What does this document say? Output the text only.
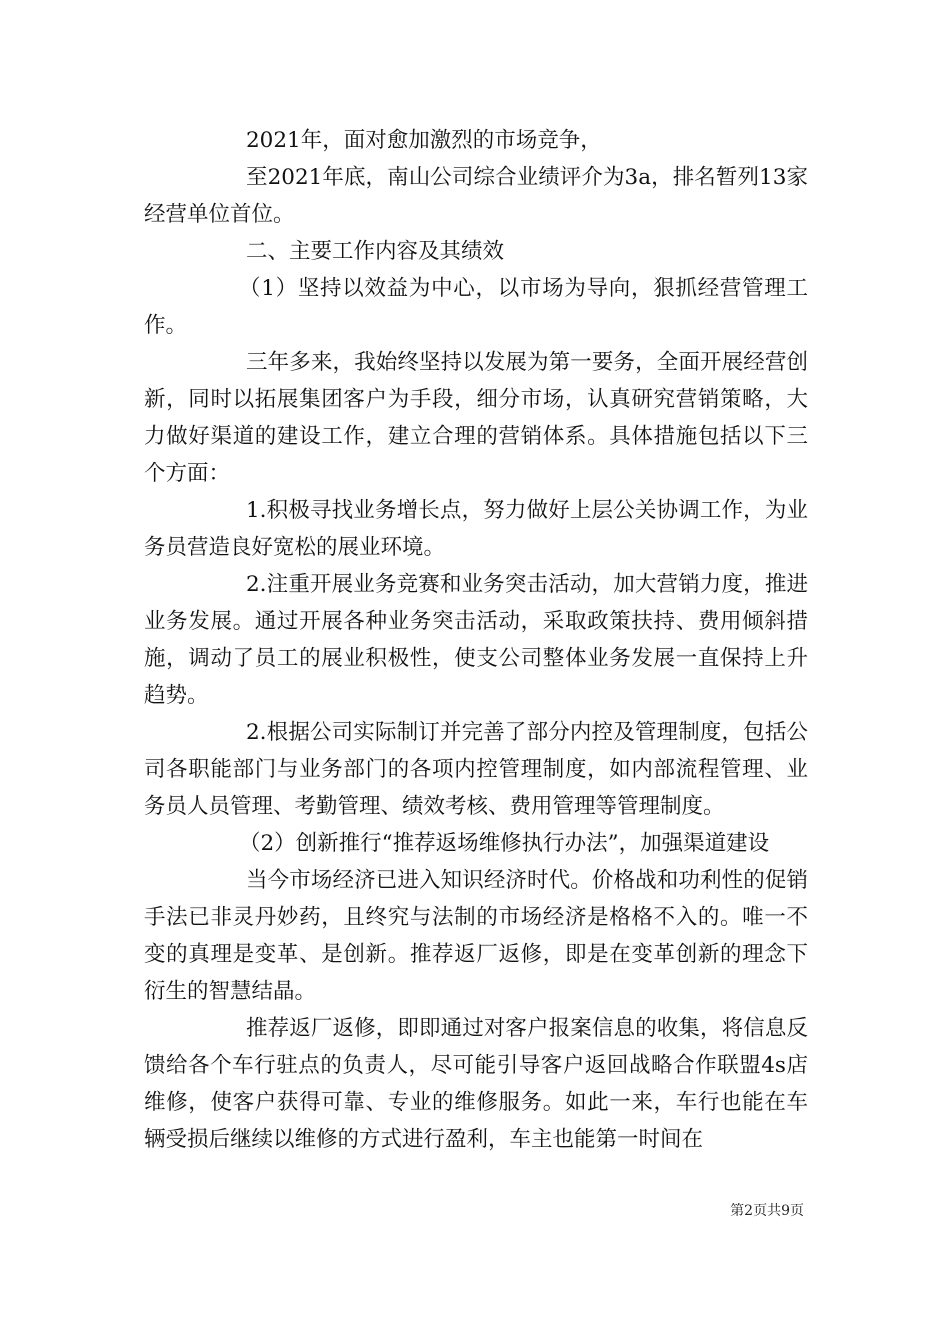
2021年，面对愈加激烈的市场竞争，

至2021年底，南山公司综合业绩评介为3a，排名暂列13家经营单位首位。

二、主要工作内容及其绩效

（1）坚持以效益为中心，以市场为导向，狠抓经营管理工作。

三年多来，我始终坚持以发展为第一要务，全面开展经营创新，同时以拓展集团客户为手段，细分市场，认真研究营销策略，大力做好渠道的建设工作，建立合理的营销体系。具体措施包括以下三个方面：

1.积极寻找业务增长点，努力做好上层公关协调工作，为业务员营造良好宽松的展业环境。

2.注重开展业务竞赛和业务突击活动，加大营销力度，推进业务发展。通过开展各种业务突击活动，采取政策扶持、费用倾斜措施，调动了员工的展业积极性，使支公司整体业务发展一直保持上升趋势。

2.根据公司实际制订并完善了部分内控及管理制度，包括公司各职能部门与业务部门的各项内控管理制度，如内部流程管理、业务员人员管理、考勤管理、绩效考核、费用管理等管理制度。

（2）创新推行“推荐返场维修执行办法”，加强渠道建设

当今市场经济已进入知识经济时代。价格战和功利性的促销手法已非灵丹妙药，且终究与法制的市场经济是格格不入的。唯一不变的真理是变革、是创新。推荐返厂返修，即是在变革创新的理念下衍生的智慧结晶。

推荐返厂返修，即即通过对客户报案信息的收集，将信息反馈给各个车行驻点的负责人，尽可能引导客户返回战略合作联盟4s店维修，使客户获得可靠、专业的维修服务。如此一来，车行也能在车辆受损后继续以维修的方式进行盈利，车主也能第一时间在

第2页共9页
